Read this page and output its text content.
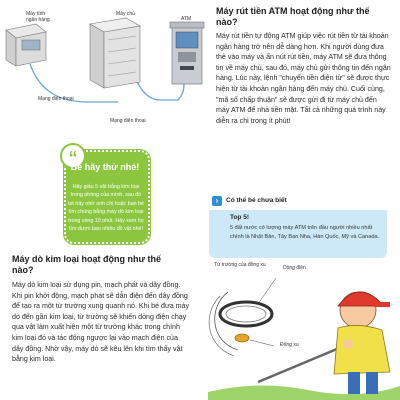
Máy tính
ngân hàng
Máy chủ
ATM
Mạng điện thoại
Mạng điện thoại
Máy rút tiền ATM hoạt động như thế nào?
Máy rút tiền tự động ATM giúp việc rút tiền từ tài khoản ngân hàng trở nên dễ dàng hơn. Khi người dùng đưa thẻ vào máy và ấn nút rút tiền, máy ATM sẽ đưa thông tin về máy chủ, sau đó, máy chủ gửi thông tin đến ngân hàng. Lúc này, lệnh "chuyển tiền điện tử" sẽ được thực hiện từ tài khoản ngân hàng đến máy chủ. Cuối cùng, "mã số chấp thuận" sẽ được gửi đi từ máy chủ đến máy ATM để nhả tiền mặt. Tất cả những quá trình này diễn ra chỉ trong ít phút!
“
Bé hãy thử nhé!
Hãy giấu 5 vật bằng kim loại trong phòng của mình, sau đó bé hãy nhờ anh chị hoặc bạn bè tìm chúng bằng máy dò kim loại trong vòng 10 phút. Hãy xem họ tìm được bao nhiêu đồ vật nhé!
›	Có thể bé chưa biết
Top 5!
5 đất nước có lượng máy ATM trên đầu người nhiều nhất chính là Nhật Bản, Tây Ban Nha, Hàn Quốc, Mỹ và Canada.
Máy dò kim loại hoạt động như thế nào?
Máy dò kim loại sử dụng pin, mạch phát và dây đồng. Khi pin khởi động, mạch phát sẽ dẫn điện đến dây đồng để tạo ra một từ trường xung quanh nó. Khi bé đưa máy dò đến gần kim loại, từ trường sẽ khiến dòng điện chạy qua vật làm xuất hiện một từ trường khác trong chính kim loại đó và tác động ngược lại vào mạch điện của dây đồng. Nhờ vậy, máy dò sẽ kêu lên khi tìm thấy vật bằng kim loại.
Từ trường của đồng xu	Dòng điện
Đồng xu
